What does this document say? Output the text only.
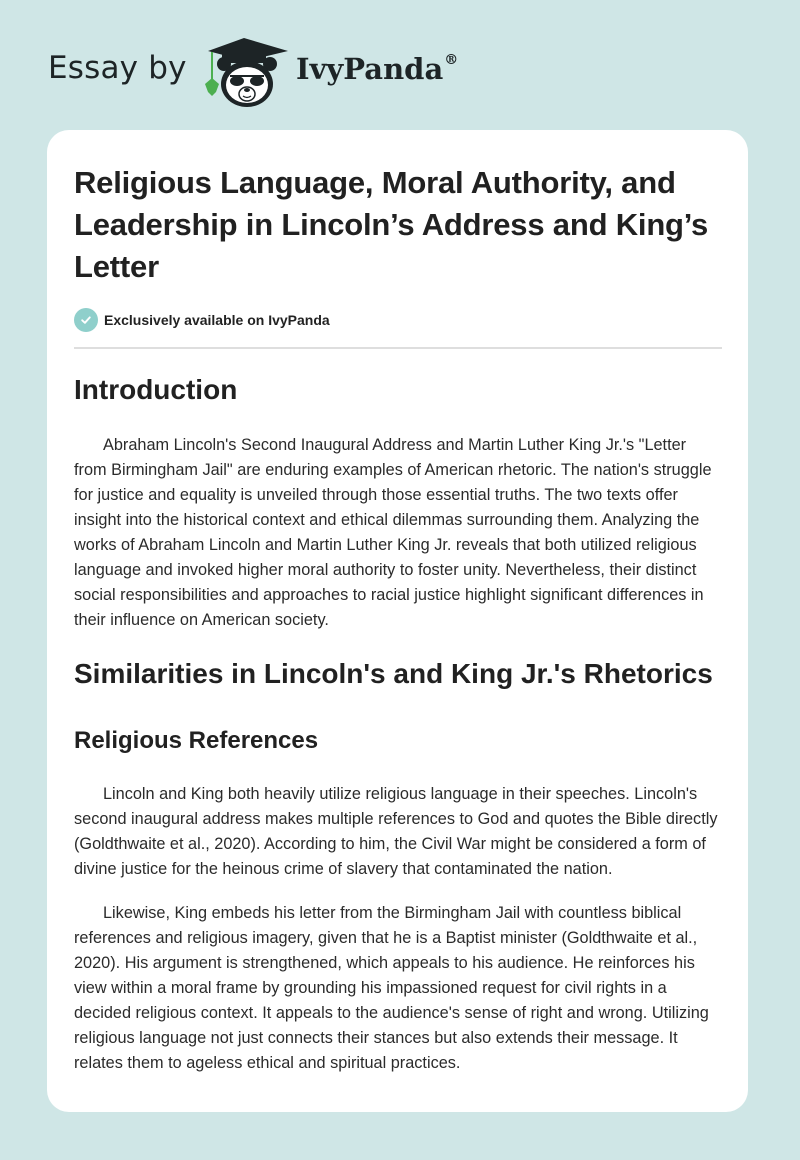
Essay by	IvyPanda®
Religious Language, Moral Authority, and Leadership in Lincoln’s Address and King’s Letter
Exclusively available on IvyPanda
Introduction

Abraham Lincoln's Second Inaugural Address and Martin Luther King Jr.'s "Letter from Birmingham Jail" are enduring examples of American rhetoric. The nation's struggle for justice and equality is unveiled through those essential truths. The two texts offer insight into the historical context and ethical dilemmas surrounding them. Analyzing the works of Abraham Lincoln and Martin Luther King Jr. reveals that both utilized religious language and invoked higher moral authority to foster unity. Nevertheless, their distinct social responsibilities and approaches to racial justice highlight significant differences in their influence on American society.

Similarities in Lincoln's and King Jr.'s Rhetorics
Religious References

Lincoln and King both heavily utilize religious language in their speeches. Lincoln's second inaugural address makes multiple references to God and quotes the Bible directly (Goldthwaite et al., 2020). According to him, the Civil War might be considered a form of divine justice for the heinous crime of slavery that contaminated the nation.

Likewise, King embeds his letter from the Birmingham Jail with countless biblical references and religious imagery, given that he is a Baptist minister (Goldthwaite et al., 2020). His argument is strengthened, which appeals to his audience. He reinforces his view within a moral frame by grounding his impassioned request for civil rights in a decided religious context. It appeals to the audience's sense of right and wrong. Utilizing religious language not just connects their stances but also extends their message. It relates them to ageless ethical and spiritual practices.
